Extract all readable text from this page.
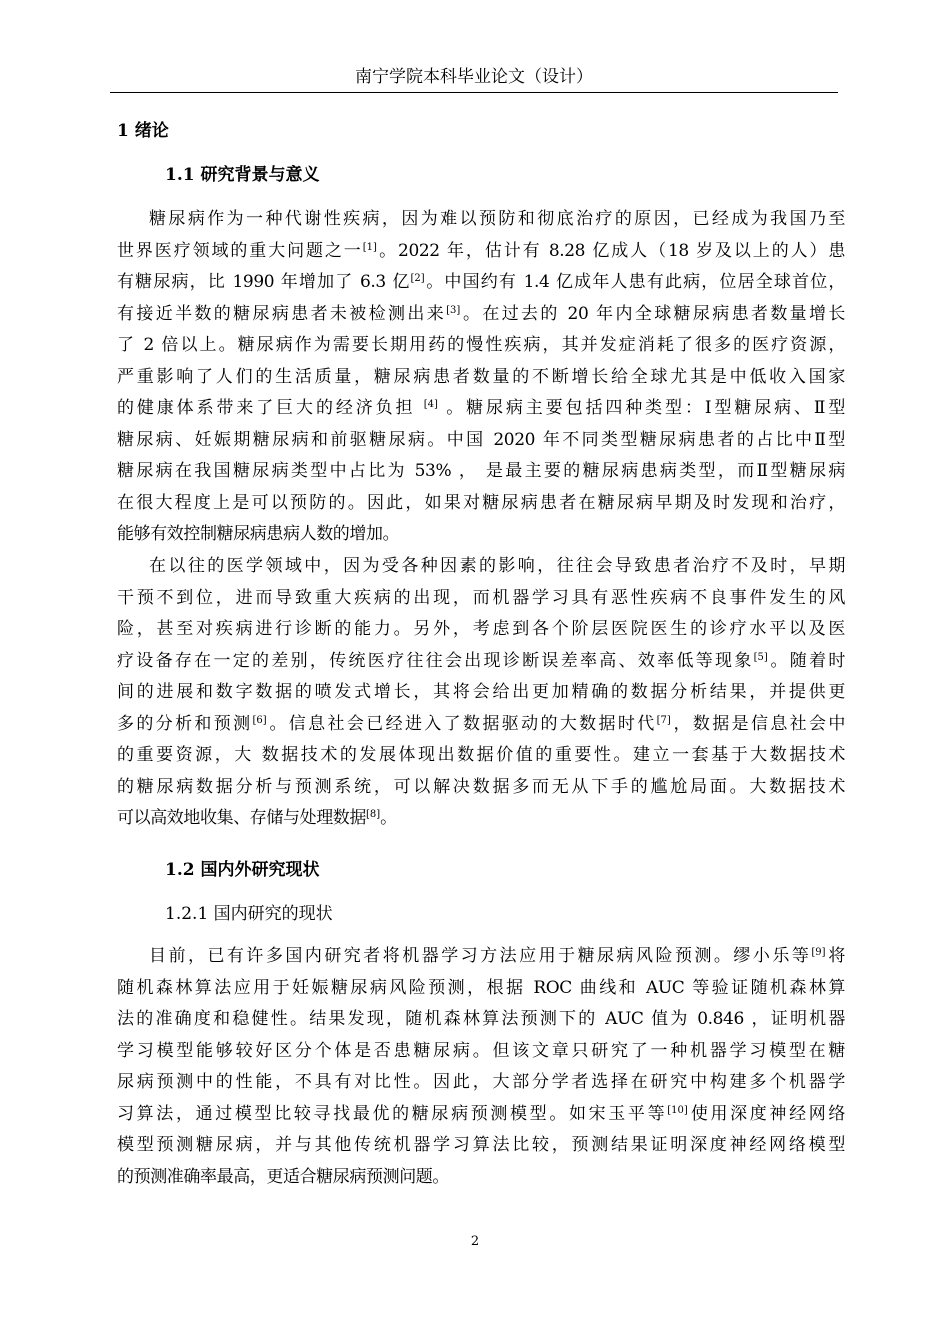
南宁学院本科毕业论文（设计）
1 绪论
1.1 研究背景与意义
糖尿病作为一种代谢性疾病，因为难以预防和彻底治疗的原因，已经成为我国乃至
世界医疗领域的重大问题之一[1]。2022 年，估计有 8.28 亿成人（18 岁及以上的人）患
有糖尿病，比 1990 年增加了 6.3 亿[2]。中国约有 1.4 亿成年人患有此病，位居全球首位，
有接近半数的糖尿病患者未被检测出来[3]。在过去的 20 年内全球糖尿病患者数量增长
了 2 倍以上。糖尿病作为需要长期用药的慢性疾病，其并发症消耗了很多的医疗资源，
严重影响了人们的生活质量，糖尿病患者数量的不断增长给全球尤其是中低收入国家
的健康体系带来了巨大的经济负担 [4] 。糖尿病主要包括四种类型：Ⅰ型糖尿病、Ⅱ型
糖尿病、妊娠期糖尿病和前驱糖尿病。中国 2020 年不同类型糖尿病患者的占比中Ⅱ型
糖尿病在我国糖尿病类型中占比为 53% ， 是最主要的糖尿病患病类型，而Ⅱ型糖尿病
在很大程度上是可以预防的。因此，如果对糖尿病患者在糖尿病早期及时发现和治疗，
能够有效控制糖尿病患病人数的增加。
在以往的医学领域中，因为受各种因素的影响，往往会导致患者治疗不及时，早期
干预不到位，进而导致重大疾病的出现，而机器学习具有恶性疾病不良事件发生的风
险，甚至对疾病进行诊断的能力。另外，考虑到各个阶层医院医生的诊疗水平以及医
疗设备存在一定的差别，传统医疗往往会出现诊断误差率高、效率低等现象[5]。随着时
间的进展和数字数据的喷发式增长，其将会给出更加精确的数据分析结果，并提供更
多的分析和预测[6]。信息社会已经进入了数据驱动的大数据时代[7]，数据是信息社会中
的重要资源，大 数据技术的发展体现出数据价值的重要性。建立一套基于大数据技术
的糖尿病数据分析与预测系统，可以解决数据多而无从下手的尴尬局面。大数据技术
可以高效地收集、存储与处理数据[8]。
1.2 国内外研究现状
1.2.1 国内研究的现状
目前，已有许多国内研究者将机器学习方法应用于糖尿病风险预测。缪小乐等[9]将
随机森林算法应用于妊娠糖尿病风险预测，根据 ROC 曲线和 AUC 等验证随机森林算
法的准确度和稳健性。结果发现，随机森林算法预测下的 AUC 值为 0.846 ，证明机器
学习模型能够较好区分个体是否患糖尿病。但该文章只研究了一种机器学习模型在糖
尿病预测中的性能，不具有对比性。因此，大部分学者选择在研究中构建多个机器学
习算法，通过模型比较寻找最优的糖尿病预测模型。如宋玉平等[10]使用深度神经网络
模型预测糖尿病，并与其他传统机器学习算法比较，预测结果证明深度神经网络模型
的预测准确率最高，更适合糖尿病预测问题。
2
